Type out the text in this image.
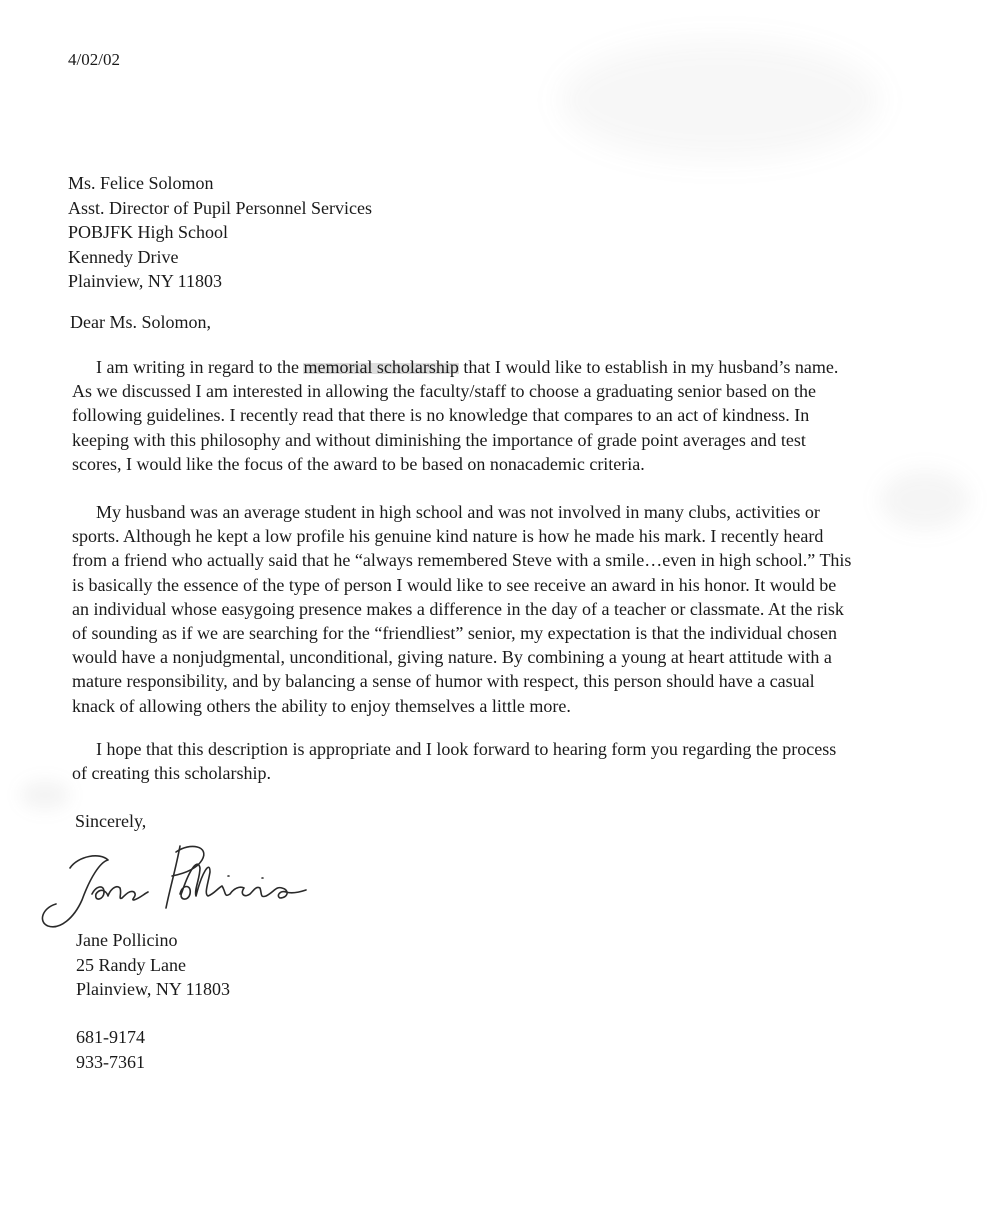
4/02/02
Ms. Felice Solomon
Asst. Director of Pupil Personnel Services
POBJFK High School
Kennedy Drive
Plainview, NY 11803
Dear Ms. Solomon,
I am writing in regard to the memorial scholarship that I would like to establish in my husband’s name.
As we discussed I am interested in allowing the faculty/staff to choose a graduating senior based on the
following guidelines. I recently read that there is no knowledge that compares to an act of kindness. In
keeping with this philosophy and without diminishing the importance of grade point averages and test
scores, I would like the focus of the award to be based on nonacademic criteria.
My husband was an average student in high school and was not involved in many clubs, activities or
sports. Although he kept a low profile his genuine kind nature is how he made his mark. I recently heard
from a friend who actually said that he “always remembered Steve with a smile…even in high school.” This
is basically the essence of the type of person I would like to see receive an award in his honor. It would be
an individual whose easygoing presence makes a difference in the day of a teacher or classmate. At the risk
of sounding as if we are searching for the “friendliest” senior, my expectation is that the individual chosen
would have a nonjudgmental, unconditional, giving nature. By combining a young at heart attitude with a
mature responsibility, and by balancing a sense of humor with respect, this person should have a casual
knack of allowing others the ability to enjoy themselves a little more.
I hope that this description is appropriate and I look forward to hearing form you regarding the process
of creating this scholarship.
Sincerely,
Jane Pollicino
25 Randy Lane
Plainview, NY 11803
681-9174
933-7361
